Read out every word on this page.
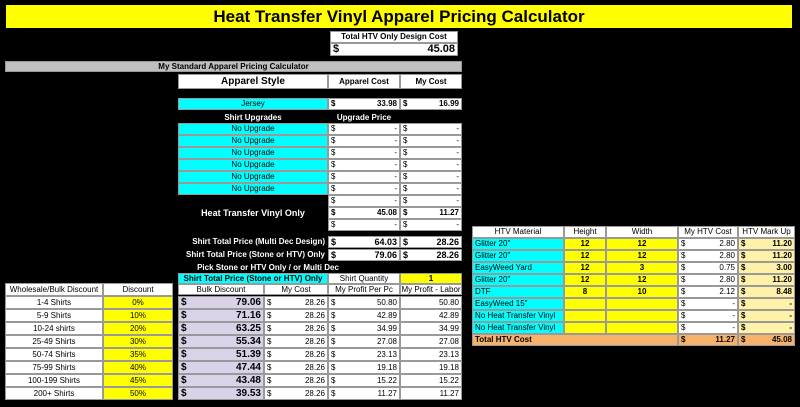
Heat Transfer Vinyl Apparel Pricing Calculator
Total HTV Only Design Cost
$	45.08
My Standard Apparel Pricing Calculator
Apparel Style	Apparel Cost	My Cost
Jersey	$	33.98 $	16.99
Shirt Upgrades	Upgrade Price
No Upgrade	$	- $	-
No Upgrade	$	- $	-
No Upgrade	$	- $	-
No Upgrade	$	- $	-
No Upgrade	$	- $	-
No Upgrade	$	- $	-
$	- $	-
Heat Transfer Vinyl Only	$	45.08 $	11.27
$	- $	-
Shirt Total Price (Multi Dec Design) $	64.03 $	28.26
Shirt Total Price (Stone or HTV) Only $	79.06 $	28.26
Pick Stone or HTV Only / or Multi Dec
Shirt Total Price (Stone or HTV) Only	Shirt Quantity	1
Wholesale/Bulk Discount	Discount	Bulk Discount	My Cost	My Profit Per Pc	My Profit - Labor
1-4 Shirts	0%	$	79.06 $	28.26 $	50.80	50.80
5-9 Shirts	10%	$	71.16 $	28.26 $	42.89	42.89
10-24 shirts	20%	$	63.25 $	28.26 $	34.99	34.99
25-49 Shirts	30%	$	55.34 $	28.26 $	27.08	27.08
50-74 Shirts	35%	$	51.39 $	28.26 $	23.13	23.13
75-99 Shirts	40%	$	47.44 $	28.26 $	19.18	19.18
100-199 Shirts	45%	$	43.48 $	28.26 $	15.22	15.22
200+ Shirts	50%	$	39.53 $	28.26 $	11.27	11.27
HTV Material	Height	Width	My HTV Cost	HTV Mark Up
Glitter 20"	12	12	$	2.80 $	11.20
Glitter 20"	12	12	$	2.80 $	11.20
EasyWeed Yard	12	3	$	0.75 $	3.00
Glitter 20"	12	12	$	2.80 $	11.20
DTF	8	10	$	2.12 $	8.48
EasyWeed 15"	$	- $	-
No Heat Transfer Vinyl	$	- $	-
No Heat Transfer Vinyl	$	- $	-
Total HTV Cost	$	11.27 $	45.08
